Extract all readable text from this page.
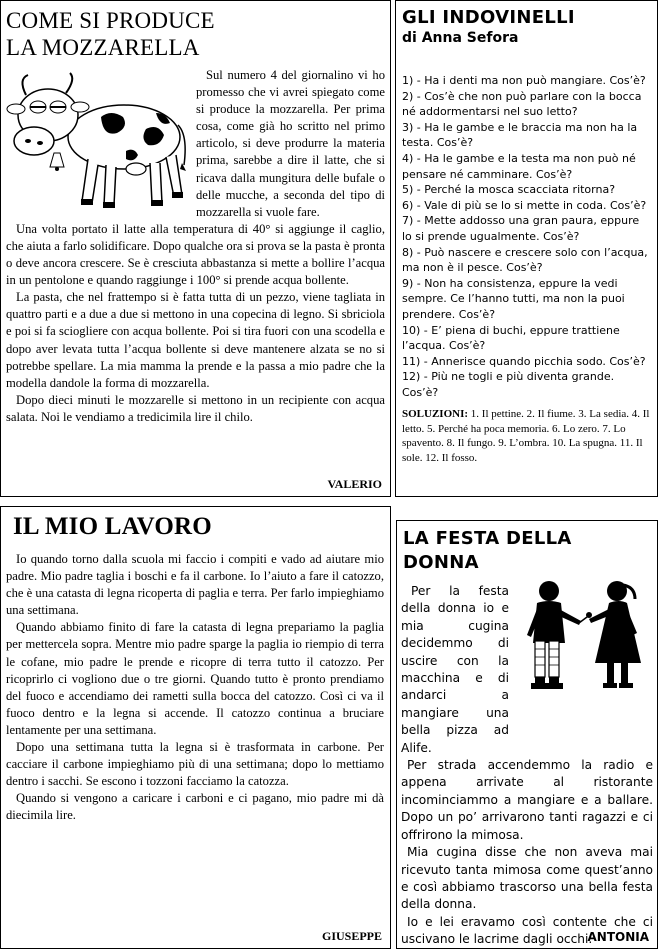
COME SI PRODUCE
LA MOZZARELLA

Sul numero 4 del giornalino vi ho promesso che vi avrei spiegato come si produce la mozzarella. Per prima cosa, come già ho scritto nel primo articolo, si deve produrre la materia prima, sarebbe a dire il latte, che si ricava dalla mungitura delle bufale o delle mucche, a seconda del tipo di mozzarella si vuole fare.

Una volta portato il latte alla temperatura di 40° si aggiunge il caglio, che aiuta a farlo solidificare. Dopo qualche ora si prova se la pasta è pronta o deve ancora crescere. Se è cresciuta abbastanza si mette a bollire l’acqua in un pentolone e quando raggiunge i 100° si prende acqua bollente.

La pasta, che nel frattempo si è fatta tutta di un pezzo, viene tagliata in quattro parti e a due a due si mettono in una copecina di legno. Si sbriciola e poi si fa sciogliere con acqua bollente. Poi si tira fuori con una scodella e dopo aver levata tutta l’acqua bollente si deve mantenere alzata se no si potrebbe spellare. La mia mamma la prende e la passa a mio padre che la modella dandole la forma di mozzarella.

Dopo dieci minuti le mozzarelle si mettono in un recipiente con acqua salata. Noi le vendiamo a tredicimila lire il chilo.

VALERIO
GLI INDOVINELLI
di Anna Sefora
1) - Ha i denti ma non può mangiare. Cos’è?
2) - Cos’è che non può parlare con la bocca né addormentarsi nel suo letto?
3) - Ha le gambe e le braccia ma non ha la testa. Cos’è?
4) - Ha le gambe e la testa ma non può né pensare né camminare. Cos’è?
5) - Perché la mosca scacciata ritorna?
6) - Vale di più se lo si mette in coda. Cos’è?
7) - Mette addosso una gran paura, eppure lo si prende ugualmente. Cos’è?
8) - Può nascere e crescere solo con l’acqua, ma non è il pesce. Cos’è?
9) - Non ha consistenza, eppure la vedi sempre. Ce l’hanno tutti, ma non la puoi prendere. Cos’è?
10) - E’ piena di buchi, eppure trattiene l’acqua. Cos’è?
11) - Annerisce quando picchia sodo. Cos’è?
12) - Più ne togli e più diventa grande. Cos’è?
SOLUZIONI: 1. Il pettine. 2. Il fiume. 3. La sedia. 4. Il letto. 5. Perché ha poca memoria. 6. Lo zero. 7. Lo spavento. 8. Il fungo. 9. L’ombra. 10. La spugna. 11. Il sole. 12. Il fosso.
IL MIO LAVORO

Io quando torno dalla scuola mi faccio i compiti e vado ad aiutare mio padre. Mio padre taglia i boschi e fa il carbone. Io l’aiuto a fare il catozzo, che è una catasta di legna ricoperta di paglia e terra. Per farlo impieghiamo una settimana.

Quando abbiamo finito di fare la catasta di legna prepariamo la paglia per mettercela sopra. Mentre mio padre sparge la paglia io riempio di terra le cofane, mio padre le prende e ricopre di terra tutto il catozzo. Per ricoprirlo ci vogliono due o tre giorni. Quando tutto è pronto prendiamo del fuoco e accendiamo dei rametti sulla bocca del catozzo. Così ci va il fuoco dentro e la legna si accende. Il catozzo continua a bruciare lentamente per una settimana.

Dopo una settimana tutta la legna si è trasformata in carbone. Per cacciare il carbone impieghiamo più di una settimana; dopo lo mettiamo dentro i sacchi. Se escono i tozzoni facciamo la catozza.

Quando si vengono a caricare i carboni e ci pagano, mio padre mi dà diecimila lire.

GIUSEPPE
LA FESTA DELLA
DONNA

Per la festa della donna io e mia cugina decidemmo di uscire con la macchina e di andarci a mangiare una bella pizza ad Alife.

Per strada accendemmo la radio e appena arrivate al ristorante incominciammo a mangiare e a ballare. Dopo un po’ arrivarono tanti ragazzi e ci offrirono la mimosa.

Mia cugina disse che non aveva mai ricevuto tanta mimosa come quest’anno e così abbiamo trascorso una bella festa della donna.

Io e lei eravamo così contente che ci uscivano le lacrime dagli occhi.

ANTONIA
